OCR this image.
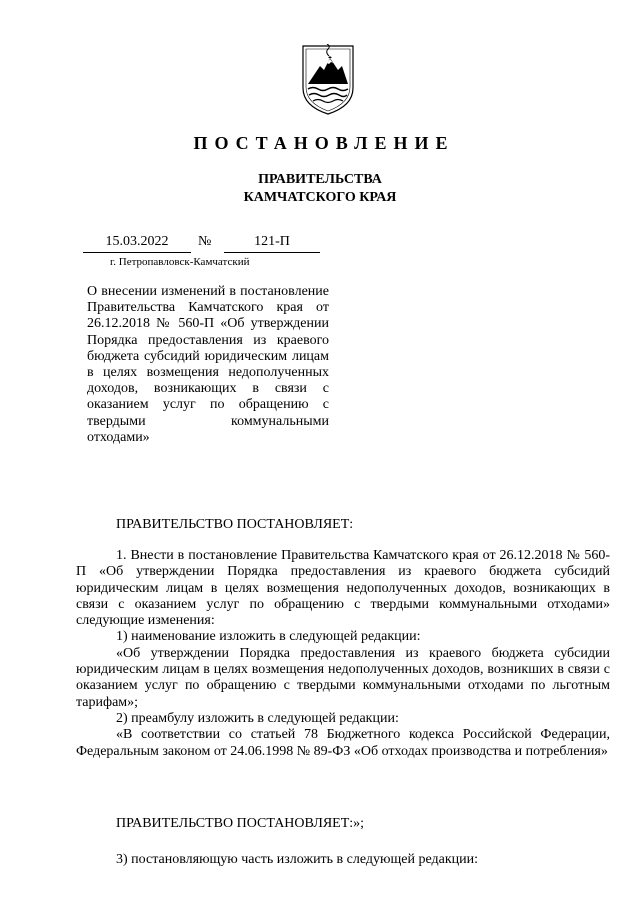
ПОСТАНОВЛЕНИЕ
ПРАВИТЕЛЬСТВА
КАМЧАТСКОГО КРАЯ
15.03.2022	№	121-П
г. Петропавловск-Камчатский

О внесении изменений в постановление Правительства Камчатского края от 26.12.2018 № 560-П «Об утверждении Порядка предоставления из краевого бюджета субсидий юридическим лицам в целях возмещения недополученных доходов, возникающих в связи с оказанием услуг по обращению с твердыми коммунальными

отходами»

ПРАВИТЕЛЬСТВО ПОСТАНОВЛЯЕТ:

1. Внести в постановление Правительства Камчатского края от 26.12.2018 № 560-П «Об утверждении Порядка предоставления из краевого бюджета субсидий юридическим лицам в целях возмещения недополученных доходов, возникающих в связи с оказанием услуг по обращению с твердыми коммунальными отходами» следующие изменения:

1) наименование изложить в следующей редакции:

«Об утверждении Порядка предоставления из краевого бюджета субсидии юридическим лицам в целях возмещения недополученных доходов, возникших в связи с оказанием услуг по обращению с твердыми коммунальными отходами по льготным тарифам»;

2) преамбулу изложить в следующей редакции:

«В соответствии со статьей 78 Бюджетного кодекса Российской Федерации, Федеральным законом от 24.06.1998 № 89-ФЗ «Об отходах производства и потребления»

ПРАВИТЕЛЬСТВО ПОСТАНОВЛЯЕТ:»;
3) постановляющую часть изложить в следующей редакции:
